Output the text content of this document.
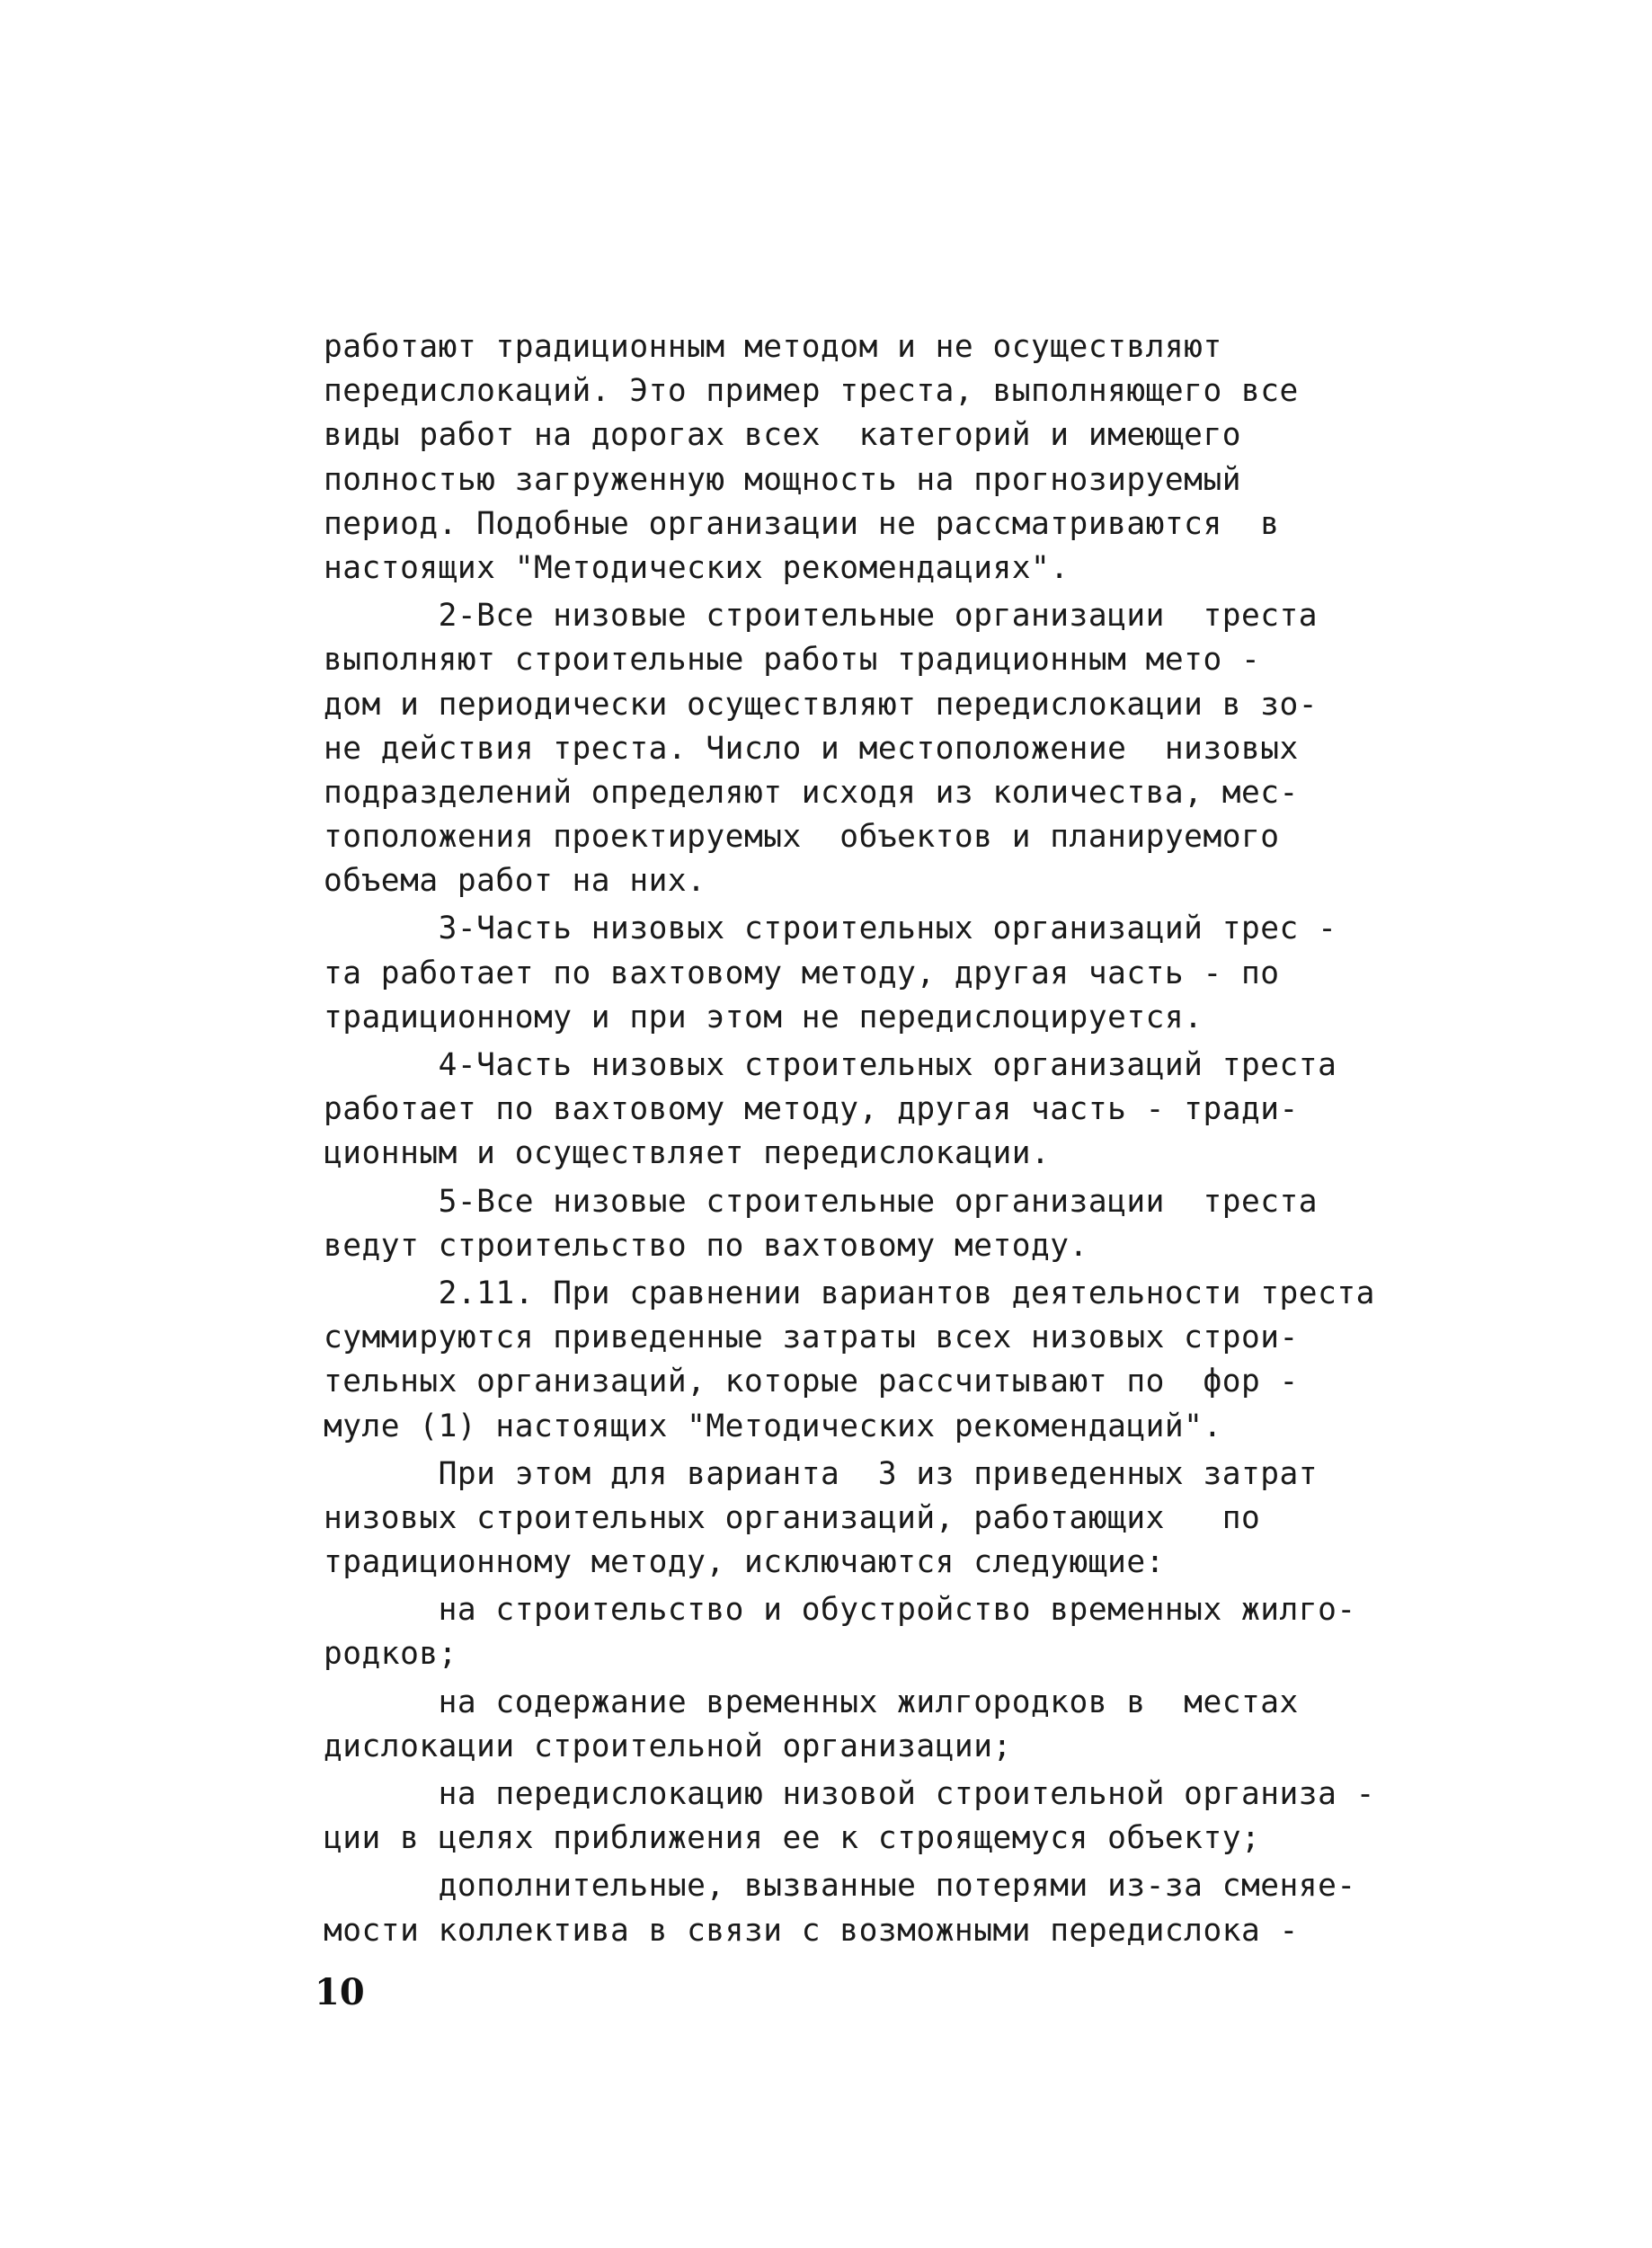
работают традиционным методом и не осуществляют
передислокаций. Это пример треста, выполняющего все
виды работ на дорогах всех  категорий и имеющего
полностью загруженную мощность на прогнозируемый
период. Подобные организации не рассматриваются  в
настоящих "Методических рекомендациях".
2-Все низовые строительные организации  треста
выполняют строительные работы традиционным мето -
дом и периодически осуществляют передислокации в зо-
не действия треста. Число и местоположение  низовых
подразделений определяют исходя из количества, мес-
тоположения проектируемых  объектов и планируемого
объема работ на них.
3-Часть низовых строительных организаций трес -
та работает по вахтовому методу, другая часть - по
традиционному и при этом не передислоцируется.
4-Часть низовых строительных организаций треста
работает по вахтовому методу, другая часть - тради-
ционным и осуществляет передислокации.
5-Все низовые строительные организации  треста
ведут строительство по вахтовому методу.
2.11. При сравнении вариантов деятельности треста
суммируются приведенные затраты всех низовых строи-
тельных организаций, которые рассчитывают по  фор -
муле (1) настоящих "Методических рекомендаций".
При этом для варианта  3 из приведенных затрат
низовых строительных организаций, работающих   по
традиционному методу, исключаются следующие:
на строительство и обустройство временных жилго-
родков;
на содержание временных жилгородков в  местах
дислокации строительной организации;
на передислокацию низовой строительной организа -
ции в целях приближения ее к строящемуся объекту;
дополнительные, вызванные потерями из-за сменяе-
мости коллектива в связи с возможными передислока -
10
